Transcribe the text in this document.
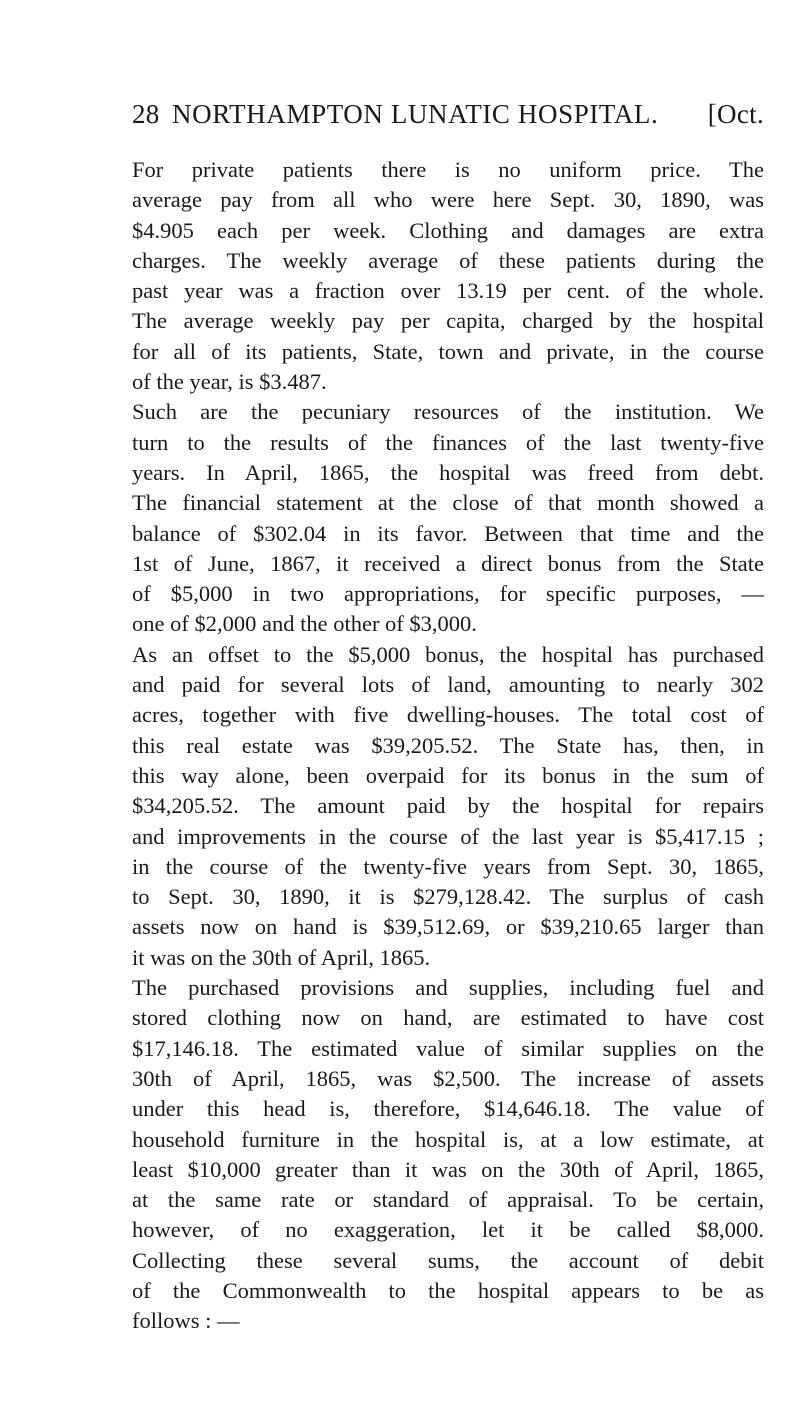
28 NORTHAMPTON LUNATIC HOSPITAL. [Oct.

For private patients there is no uniform price. The
average pay from all who were here Sept. 30, 1890, was
$4.905 each per week. Clothing and damages are extra
charges. The weekly average of these patients during the
past year was a fraction over 13.19 per cent. of the whole.
The average weekly pay per capita, charged by the hospital
for all of its patients, State, town and private, in the course
of the year, is $3.487.

Such are the pecuniary resources of the institution. We
turn to the results of the finances of the last twenty-five
years. In April, 1865, the hospital was freed from debt.
The financial statement at the close of that month showed a
balance of $302.04 in its favor. Between that time and the
1st of June, 1867, it received a direct bonus from the State
of $5,000 in two appropriations, for specific purposes, —
one of $2,000 and the other of $3,000.

As an offset to the $5,000 bonus, the hospital has purchased
and paid for several lots of land, amounting to nearly 302
acres, together with five dwelling-houses. The total cost of
this real estate was $39,205.52. The State has, then, in
this way alone, been overpaid for its bonus in the sum of
$34,205.52. The amount paid by the hospital for repairs
and improvements in the course of the last year is $5,417.15 ;
in the course of the twenty-five years from Sept. 30, 1865,
to Sept. 30, 1890, it is $279,128.42. The surplus of cash
assets now on hand is $39,512.69, or $39,210.65 larger than
it was on the 30th of April, 1865.

The purchased provisions and supplies, including fuel and
stored clothing now on hand, are estimated to have cost
$17,146.18. The estimated value of similar supplies on the
30th of April, 1865, was $2,500. The increase of assets
under this head is, therefore, $14,646.18. The value of
household furniture in the hospital is, at a low estimate, at
least $10,000 greater than it was on the 30th of April, 1865,
at the same rate or standard of appraisal. To be certain,
however, of no exaggeration, let it be called $8,000.
Collecting these several sums, the account of debit
of the Commonwealth to the hospital appears to be as
follows : —
